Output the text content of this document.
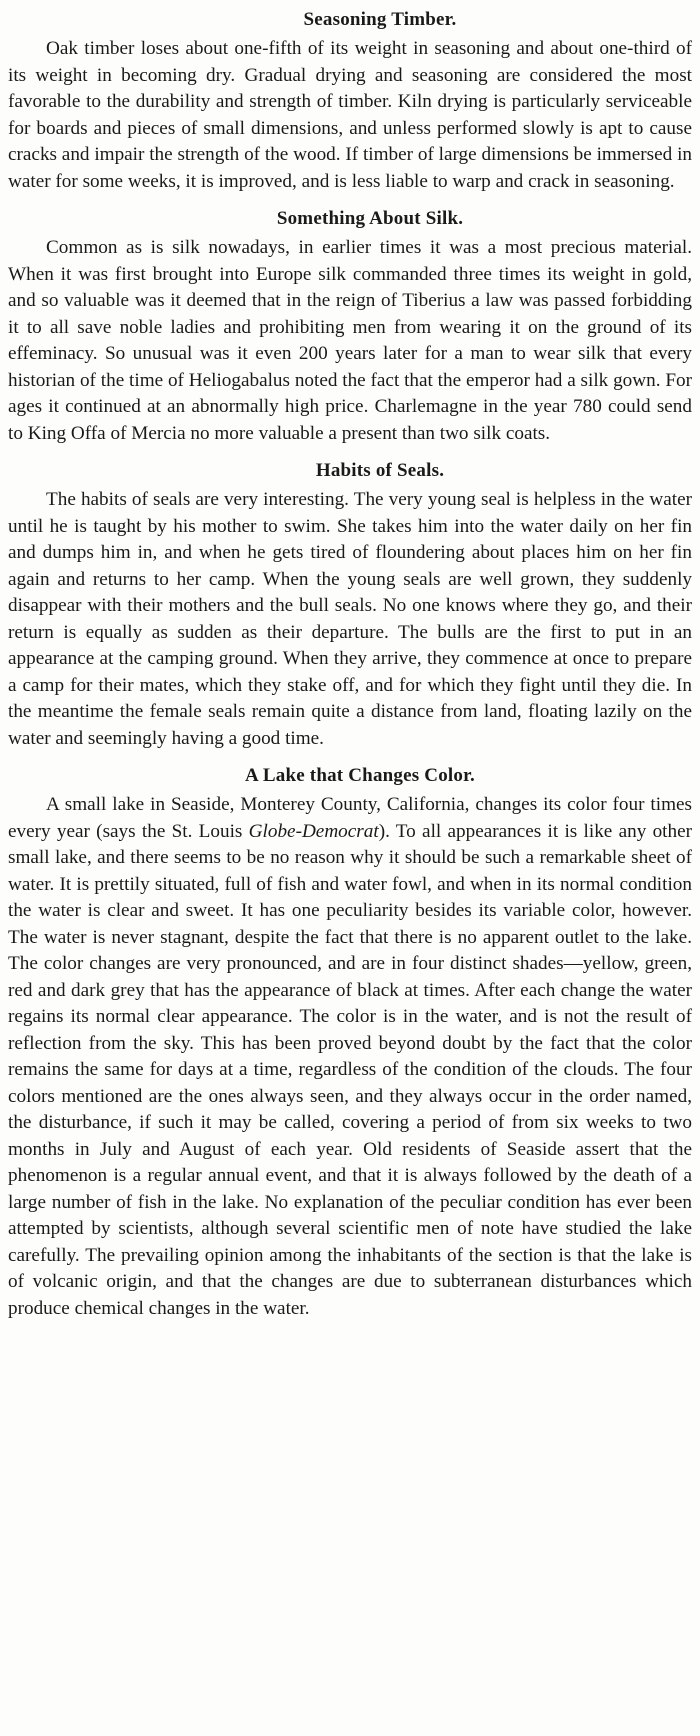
Seasoning Timber.

Oak timber loses about one-fifth of its weight in seasoning and about one-third of its weight in becoming dry. Gradual drying and seasoning are considered the most favorable to the durability and strength of timber. Kiln drying is particularly serviceable for boards and pieces of small dimensions, and unless performed slowly is apt to cause cracks and impair the strength of the wood. If timber of large dimensions be immersed in water for some weeks, it is improved, and is less liable to warp and crack in seasoning.

Something About Silk.

Common as is silk nowadays, in earlier times it was a most precious material. When it was first brought into Europe silk commanded three times its weight in gold, and so valuable was it deemed that in the reign of Tiberius a law was passed forbidding it to all save noble ladies and prohibiting men from wearing it on the ground of its effeminacy. So unusual was it even 200 years later for a man to wear silk that every historian of the time of Heliogabalus noted the fact that the emperor had a silk gown. For ages it continued at an abnormally high price. Charlemagne in the year 780 could send to King Offa of Mercia no more valuable a present than two silk coats.

Habits of Seals.

The habits of seals are very interesting. The very young seal is helpless in the water until he is taught by his mother to swim. She takes him into the water daily on her fin and dumps him in, and when he gets tired of floundering about places him on her fin again and returns to her camp. When the young seals are well grown, they suddenly disappear with their mothers and the bull seals. No one knows where they go, and their return is equally as sudden as their departure. The bulls are the first to put in an appearance at the camping ground. When they arrive, they commence at once to prepare a camp for their mates, which they stake off, and for which they fight until they die. In the meantime the female seals remain quite a distance from land, floating lazily on the water and seemingly having a good time.

A Lake that Changes Color.

A small lake in Seaside, Monterey County, California, changes its color four times every year (says the St. Louis Globe-Democrat). To all appearances it is like any other small lake, and there seems to be no reason why it should be such a remarkable sheet of water. It is prettily situated, full of fish and water fowl, and when in its normal condition the water is clear and sweet. It has one peculiarity besides its variable color, however. The water is never stagnant, despite the fact that there is no apparent outlet to the lake. The color changes are very pronounced, and are in four distinct shades—yellow, green, red and dark grey that has the appearance of black at times. After each change the water regains its normal clear appearance. The color is in the water, and is not the result of reflection from the sky. This has been proved beyond doubt by the fact that the color remains the same for days at a time, regardless of the condition of the clouds. The four colors mentioned are the ones always seen, and they always occur in the order named, the disturbance, if such it may be called, covering a period of from six weeks to two months in July and August of each year. Old residents of Seaside assert that the phenomenon is a regular annual event, and that it is always followed by the death of a large number of fish in the lake. No explanation of the peculiar condition has ever been attempted by scientists, although several scientific men of note have studied the lake carefully. The prevailing opinion among the inhabitants of the section is that the lake is of volcanic origin, and that the changes are due to subterranean disturbances which produce chemical changes in the water.
